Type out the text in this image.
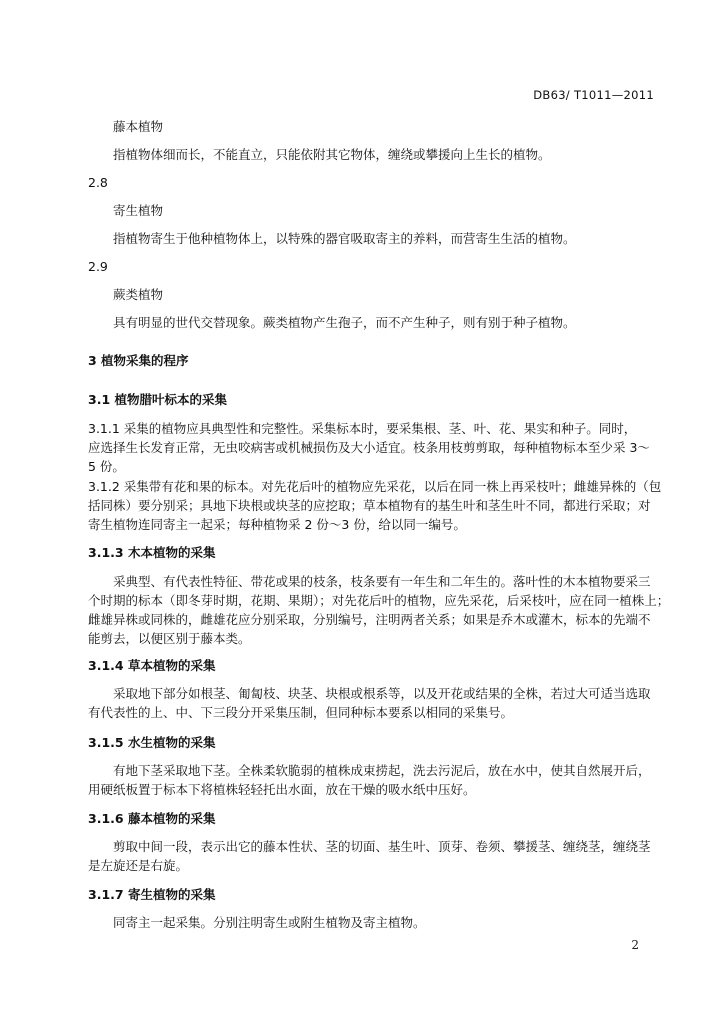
DB63/ T1011—2011
藤本植物
指植物体细而长，不能直立，只能依附其它物体，缠绕或攀援向上生长的植物。
2.8
寄生植物
指植物寄生于他种植物体上，以特殊的器官吸取寄主的养料，而营寄生生活的植物。
2.9
蕨类植物
具有明显的世代交替现象。蕨类植物产生孢子，而不产生种子，则有别于种子植物。
3 植物采集的程序
3.1 植物腊叶标本的采集
3.1.1 采集的植物应具典型性和完整性。采集标本时，要采集根、茎、叶、花、果实和种子。同时，
应选择生长发育正常，无虫咬病害或机械损伤及大小适宜。枝条用枝剪剪取，每种植物标本至少采 3～
5 份。
3.1.2 采集带有花和果的标本。对先花后叶的植物应先采花，以后在同一株上再采枝叶；雌雄异株的（包
括同株）要分别采；具地下块根或块茎的应挖取；草本植物有的基生叶和茎生叶不同，都进行采取；对
寄生植物连同寄主一起采；每种植物采 2 份～3 份，给以同一编号。
3.1.3 木本植物的采集
采典型、有代表性特征、带花或果的枝条，枝条要有一年生和二年生的。落叶性的木本植物要采三
个时期的标本（即冬芽时期，花期、果期）；对先花后叶的植物，应先采花，后采枝叶，应在同一植株上；
雌雄异株或同株的，雌雄花应分别采取，分别编号，注明两者关系；如果是乔木或灌木，标本的先端不
能剪去，以便区别于藤本类。
3.1.4 草本植物的采集
采取地下部分如根茎、匍匐枝、块茎、块根或根系等，以及开花或结果的全株，若过大可适当选取
有代表性的上、中、下三段分开采集压制，但同种标本要系以相同的采集号。
3.1.5 水生植物的采集
有地下茎采取地下茎。全株柔软脆弱的植株成束捞起，洗去污泥后，放在水中，使其自然展开后，
用硬纸板置于标本下将植株轻轻托出水面，放在干燥的吸水纸中压好。
3.1.6 藤本植物的采集
剪取中间一段，表示出它的藤本性状、茎的切面、基生叶、顶芽、卷须、攀援茎、缠绕茎，缠绕茎
是左旋还是右旋。
3.1.7 寄生植物的采集
同寄主一起采集。分别注明寄生或附生植物及寄主植物。
2
